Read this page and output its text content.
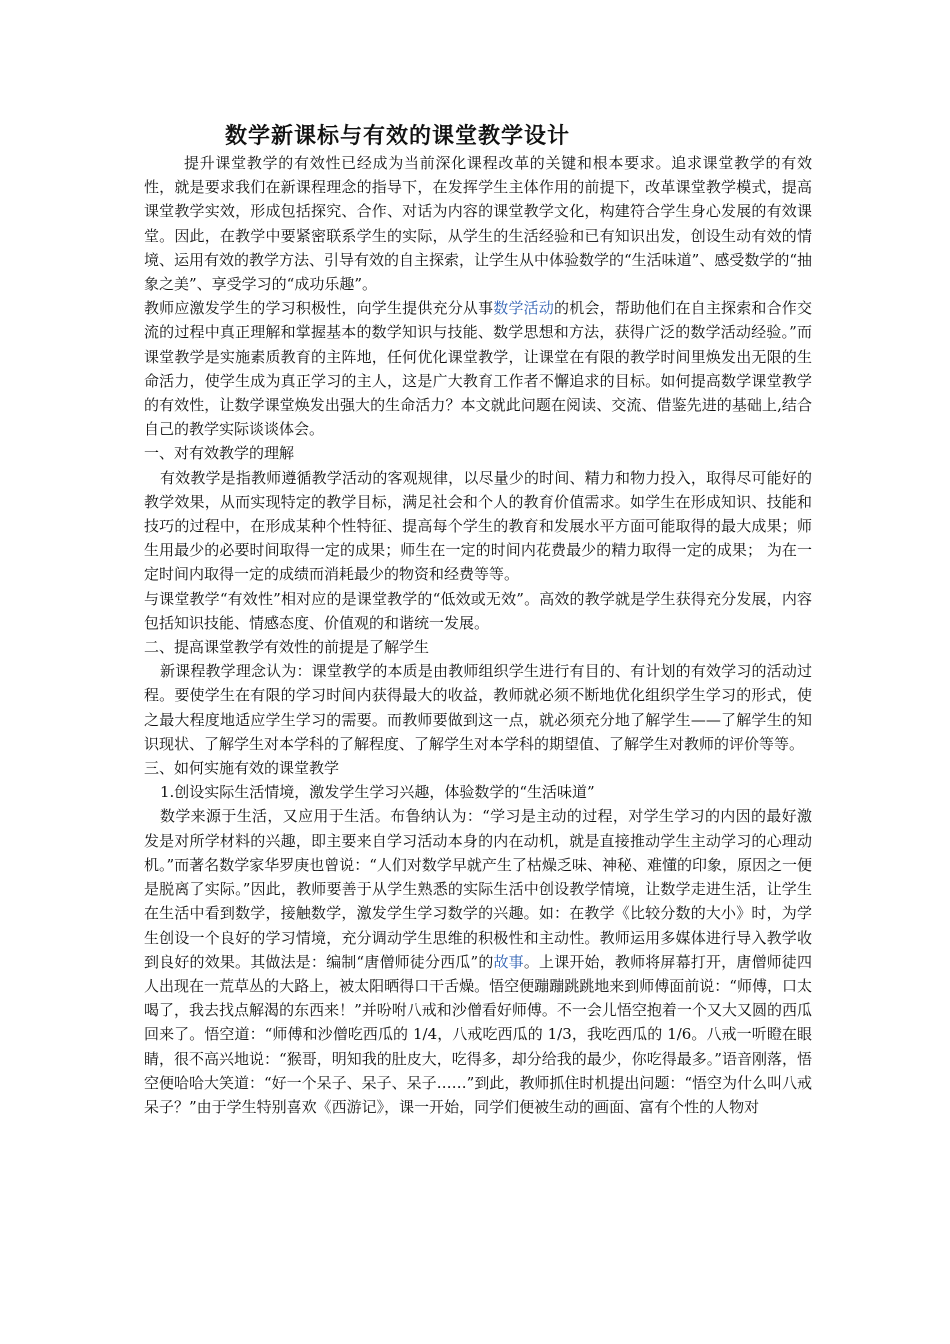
数学新课标与有效的课堂教学设计

提升课堂教学的有效性已经成为当前深化课程改革的关键和根本要求。追求课堂教学的有效性，就是要求我们在新课程理念的指导下，在发挥学生主体作用的前提下，改革课堂教学模式，提高课堂教学实效，形成包括探究、合作、对话为内容的课堂教学文化，构建符合学生身心发展的有效课堂。因此，在教学中要紧密联系学生的实际，从学生的生活经验和已有知识出发，创设生动有效的情境、运用有效的教学方法、引导有效的自主探索，让学生从中体验数学的“生活味道”、感受数学的“抽象之美”、享受学习的“成功乐趣”。

教师应激发学生的学习积极性，向学生提供充分从事数学活动的机会，帮助他们在自主探索和合作交流的过程中真正理解和掌握基本的数学知识与技能、数学思想和方法，获得广泛的数学活动经验。”而课堂教学是实施素质教育的主阵地，任何优化课堂教学，让课堂在有限的教学时间里焕发出无限的生命活力，使学生成为真正学习的主人，这是广大教育工作者不懈追求的目标。如何提高数学课堂教学的有效性，让数学课堂焕发出强大的生命活力？本文就此问题在阅读、交流、借鉴先进的基础上,结合自己的教学实际谈谈体会。

一、对有效教学的理解

有效教学是指教师遵循教学活动的客观规律，以尽量少的时间、精力和物力投入，取得尽可能好的教学效果，从而实现特定的教学目标，满足社会和个人的教育价值需求。如学生在形成知识、技能和技巧的过程中，在形成某种个性特征、提高每个学生的教育和发展水平方面可能取得的最大成果；师生用最少的必要时间取得一定的成果；师生在一定的时间内花费最少的精力取得一定的成果； 为在一定时间内取得一定的成绩而消耗最少的物资和经费等等。

与课堂教学“有效性”相对应的是课堂教学的“低效或无效”。高效的教学就是学生获得充分发展，内容包括知识技能、情感态度、价值观的和谐统一发展。

二、提高课堂教学有效性的前提是了解学生

新课程教学理念认为：课堂教学的本质是由教师组织学生进行有目的、有计划的有效学习的活动过程。要使学生在有限的学习时间内获得最大的收益，教师就必须不断地优化组织学生学习的形式，使之最大程度地适应学生学习的需要。而教师要做到这一点，就必须充分地了解学生——了解学生的知识现状、了解学生对本学科的了解程度、了解学生对本学科的期望值、了解学生对教师的评价等等。

三、如何实施有效的课堂教学

1.创设实际生活情境，激发学生学习兴趣，体验数学的“生活味道”

数学来源于生活，又应用于生活。布鲁纳认为：“学习是主动的过程，对学生学习的内因的最好激发是对所学材料的兴趣，即主要来自学习活动本身的内在动机，就是直接推动学生主动学习的心理动机。”而著名数学家华罗庚也曾说：“人们对数学早就产生了枯燥乏味、神秘、难懂的印象，原因之一便是脱离了实际。”因此，教师要善于从学生熟悉的实际生活中创设教学情境，让数学走进生活，让学生在生活中看到数学，接触数学，激发学生学习数学的兴趣。如：在教学《比较分数的大小》时，为学生创设一个良好的学习情境，充分调动学生思维的积极性和主动性。教师运用多媒体进行导入教学收到良好的效果。其做法是：编制“唐僧师徒分西瓜”的故事。上课开始，教师将屏幕打开，唐僧师徒四人出现在一荒草丛的大路上，被太阳晒得口干舌燥。悟空便蹦蹦跳跳地来到师傅面前说：“师傅，口太喝了，我去找点解渴的东西来！”并吩咐八戒和沙僧看好师傅。不一会儿悟空抱着一个又大又圆的西瓜回来了。悟空道：“师傅和沙僧吃西瓜的 1/4，八戒吃西瓜的 1/3，我吃西瓜的 1/6。八戒一听瞪在眼睛，很不高兴地说：“猴哥，明知我的肚皮大，吃得多，却分给我的最少，你吃得最多。”语音刚落，悟空便哈哈大笑道：“好一个呆子、呆子、呆子……”到此，教师抓住时机提出问题：“悟空为什么叫八戒呆子？”由于学生特别喜欢《西游记》，课一开始，同学们便被生动的画面、富有个性的人物对
